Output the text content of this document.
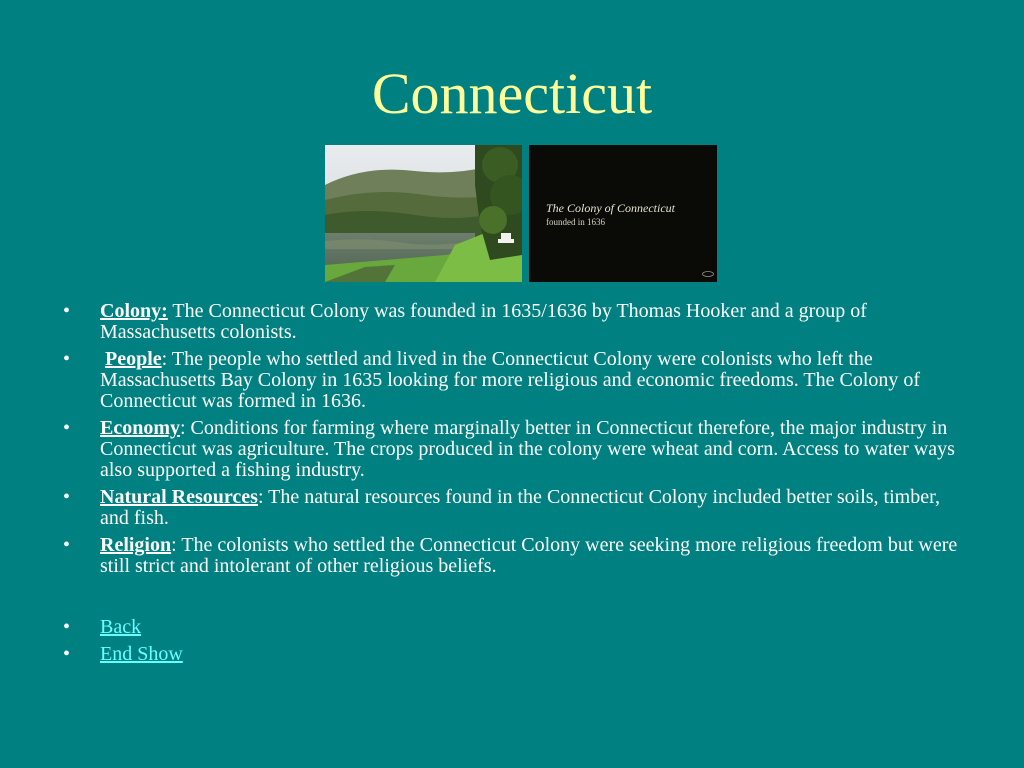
Connecticut
The Colony of Connecticut
founded in 1636
• Colony: The Connecticut Colony was founded in 1635/1636 by Thomas Hooker and a group of Massachusetts colonists.
• People: The people who settled and lived in the Connecticut Colony were colonists who left the Massachusetts Bay Colony in 1635 looking for more religious and economic freedoms. The Colony of Connecticut was formed in 1636.
• Economy: Conditions for farming where marginally better in Connecticut therefore, the major industry in Connecticut was agriculture. The crops produced in the colony were wheat and corn. Access to water ways also supported a fishing industry.
• Natural Resources: The natural resources found in the Connecticut Colony included better soils, timber, and fish.
• Religion: The colonists who settled the Connecticut Colony were seeking more religious freedom but were still strict and intolerant of other religious beliefs.
• Back
• End Show
